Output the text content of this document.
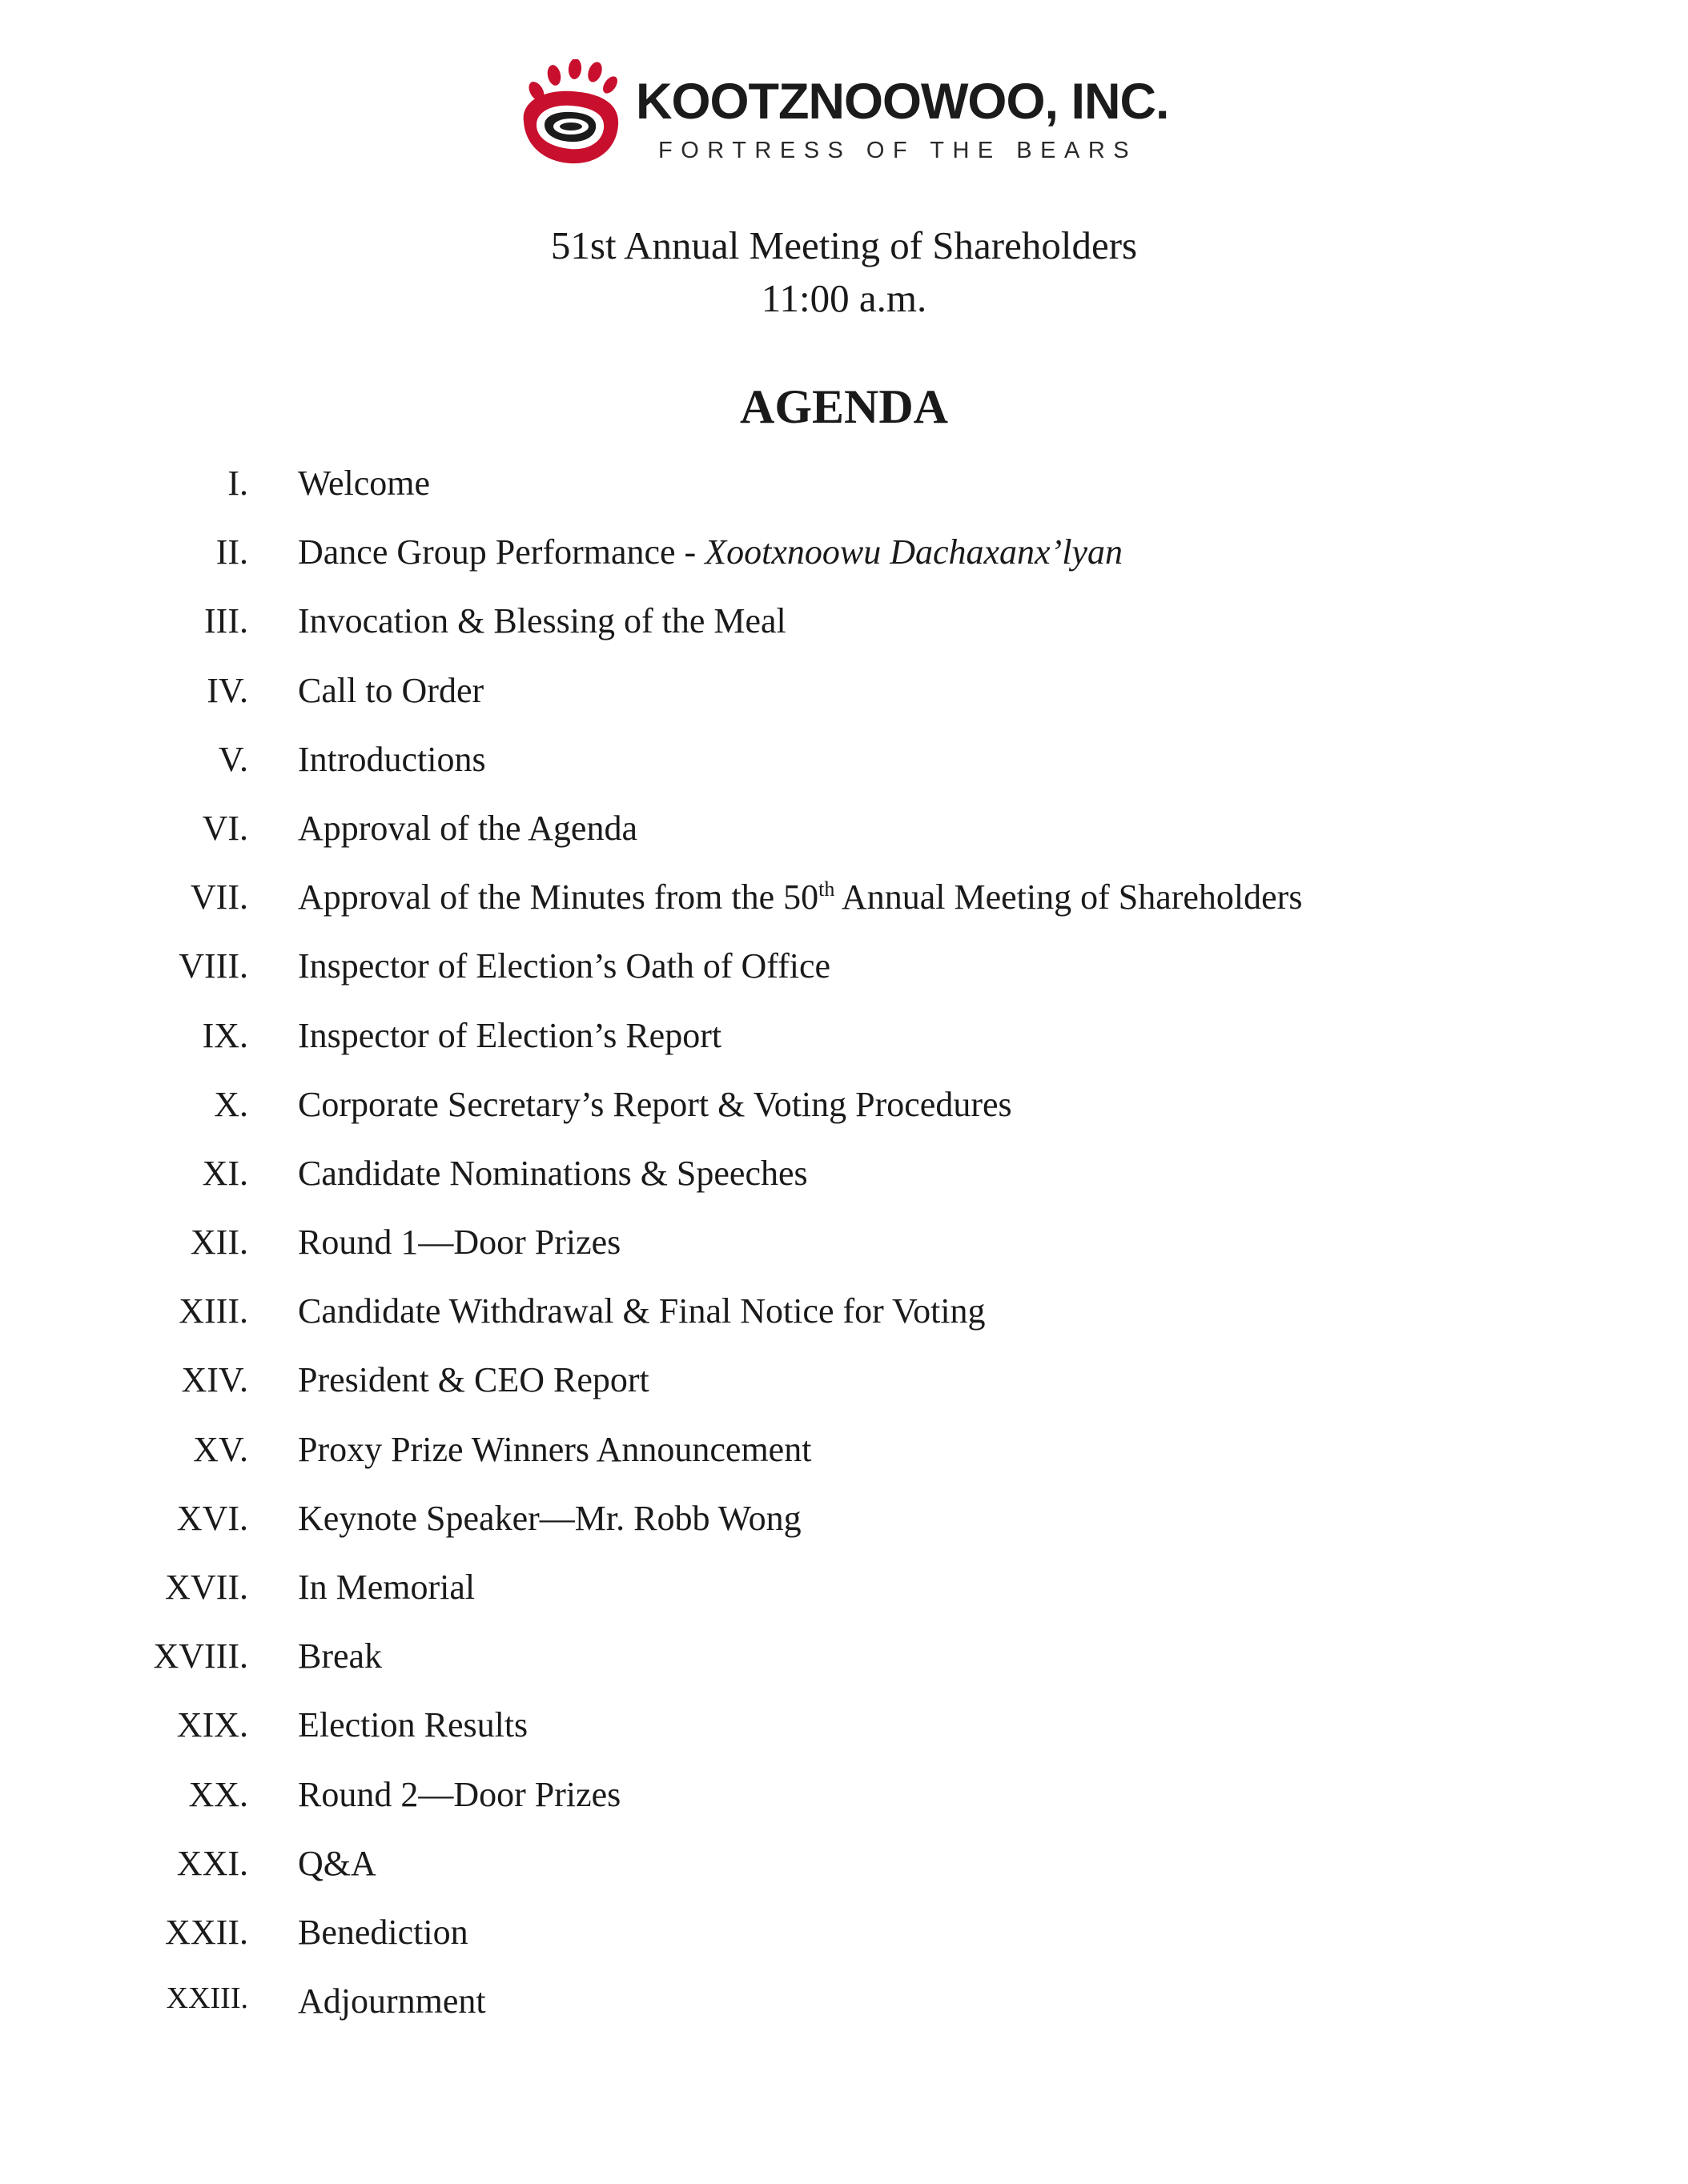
KOOTZNOOWOO, INC.
FORTRESS OF THE BEARS
51st Annual Meeting of Shareholders
11:00 a.m.
AGENDA
I. Welcome
II. Dance Group Performance - Xootxnoowu Dachaxanx’lyan
III. Invocation & Blessing of the Meal
IV. Call to Order
V. Introductions
VI. Approval of the Agenda
VII. Approval of the Minutes from the 50th Annual Meeting of Shareholders
VIII. Inspector of Election’s Oath of Office
IX. Inspector of Election’s Report
X. Corporate Secretary’s Report & Voting Procedures
XI. Candidate Nominations & Speeches
XII. Round 1—Door Prizes
XIII. Candidate Withdrawal & Final Notice for Voting
XIV. President & CEO Report
XV. Proxy Prize Winners Announcement
XVI. Keynote Speaker—Mr. Robb Wong
XVII. In Memorial
XVIII. Break
XIX. Election Results
XX. Round 2—Door Prizes
XXI. Q&A
XXII. Benediction
XXIII. Adjournment
